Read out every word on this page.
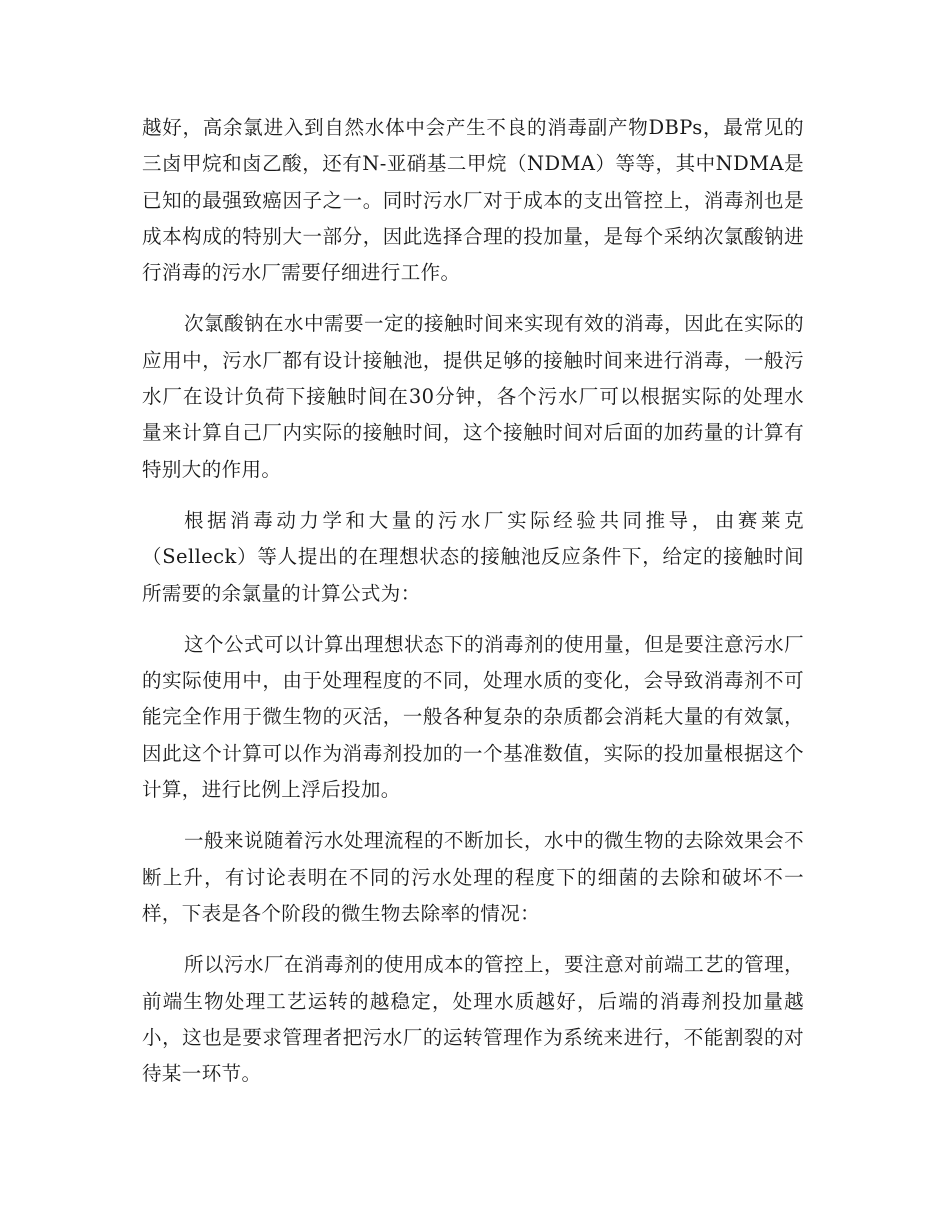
越好，高余氯进入到自然水体中会产生不良的消毒副产物DBPs，最常见的三卤甲烷和卤乙酸，还有N-亚硝基二甲烷（NDMA）等等，其中NDMA是已知的最强致癌因子之一。同时污水厂对于成本的支出管控上，消毒剂也是成本构成的特别大一部分，因此选择合理的投加量，是每个采纳次氯酸钠进行消毒的污水厂需要仔细进行工作。

次氯酸钠在水中需要一定的接触时间来实现有效的消毒，因此在实际的应用中，污水厂都有设计接触池，提供足够的接触时间来进行消毒，一般污水厂在设计负荷下接触时间在30分钟，各个污水厂可以根据实际的处理水量来计算自己厂内实际的接触时间，这个接触时间对后面的加药量的计算有特别大的作用。

根据消毒动力学和大量的污水厂实际经验共同推导，由赛莱克（Selleck）等人提出的在理想状态的接触池反应条件下，给定的接触时间所需要的余氯量的计算公式为：

这个公式可以计算出理想状态下的消毒剂的使用量，但是要注意污水厂的实际使用中，由于处理程度的不同，处理水质的变化，会导致消毒剂不可能完全作用于微生物的灭活，一般各种复杂的杂质都会消耗大量的有效氯，因此这个计算可以作为消毒剂投加的一个基准数值，实际的投加量根据这个计算，进行比例上浮后投加。

一般来说随着污水处理流程的不断加长，水中的微生物的去除效果会不断上升，有讨论表明在不同的污水处理的程度下的细菌的去除和破坏不一样，下表是各个阶段的微生物去除率的情况：

所以污水厂在消毒剂的使用成本的管控上，要注意对前端工艺的管理，前端生物处理工艺运转的越稳定，处理水质越好，后端的消毒剂投加量越小，这也是要求管理者把污水厂的运转管理作为系统来进行，不能割裂的对待某一环节。
